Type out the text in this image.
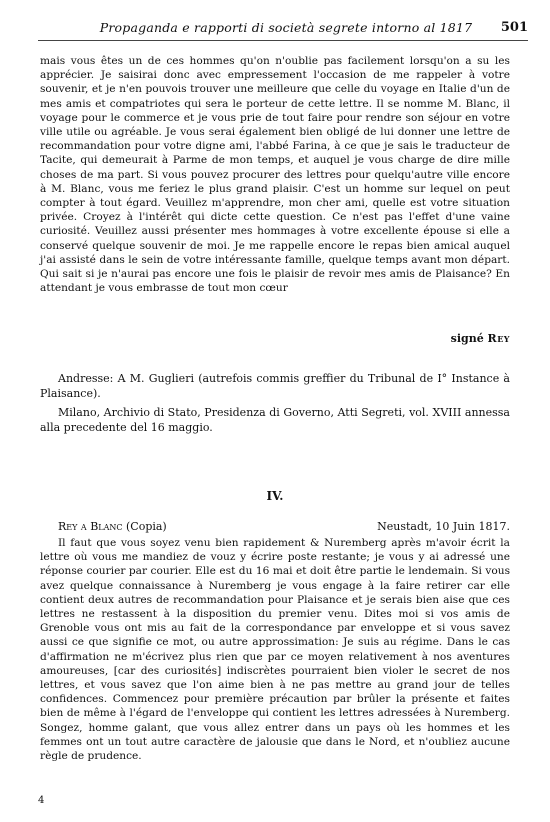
Propaganda e rapporti di società segrete intorno al 1817	501
mais vous êtes un de ces hommes qu'on n'oublie pas facilement lorsqu'on a su les apprécier. Je saisirai donc avec empressement l'occasion de me rappeler à votre souvenir, et je n'en pouvois trouver une meilleure que celle du voyage en Italie d'un de mes amis et compatriotes qui sera le porteur de cette lettre. Il se nomme M. Blanc, il voyage pour le commerce et je vous prie de tout faire pour rendre son séjour en votre ville utile ou agréable. Je vous serai également bien obligé de lui donner une lettre de recommandation pour votre digne ami, l'abbé Farina, à ce que je sais le traducteur de Tacite, qui demeurait à Parme de mon temps, et auquel je vous charge de dire mille choses de ma part. Si vous pouvez procurer des lettres pour quelqu'autre ville encore à M. Blanc, vous me feriez le plus grand plaisir. C'est un homme sur lequel on peut compter à tout égard. Veuillez m'apprendre, mon cher ami, quelle est votre situation privée. Croyez à l'intérêt qui dicte cette question. Ce n'est pas l'effet d'une vaine curiosité. Veuillez aussi présenter mes hommages à votre excellente épouse si elle a conservé quelque souvenir de moi. Je me rappelle encore le repas bien amical auquel j'ai assisté dans le sein de votre intéressante famille, quelque temps avant mon départ. Qui sait si je n'aurai pas encore une fois le plaisir de revoir mes amis de Plaisance? En attendant je vous embrasse de tout mon cœur
signé Rey

Andresse: A M. Guglieri (autrefois commis greffier du Tribunal de I° Instance à Plaisance).

Milano, Archivio di Stato, Presidenza di Governo, Atti Segreti, vol. XVIII annessa alla precedente del 16 maggio.

IV.
Rey a Blanc (Copia)	Neustadt, 10 Juin 1817.

Il faut que vous soyez venu bien rapidement & Nuremberg après m'avoir écrit la lettre où vous me mandiez de vouz y écrire poste restante; je vous y ai adressé une réponse courier par courier. Elle est du 16 mai et doit être partie le lendemain. Si vous avez quelque connaissance à Nuremberg je vous engage à la faire retirer car elle contient deux autres de recommandation pour Plaisance et je serais bien aise que ces lettres ne restassent à la disposition du premier venu. Dites moi si vos amis de Grenoble vous ont mis au fait de la correspondance par enveloppe et si vous savez aussi ce que signifie ce mot, ou autre approssimation: Je suis au régime. Dans le cas d'affirmation ne m'écrivez plus rien que par ce moyen relativement à nos aventures amoureuses, [car des curiosités] indiscrètes pourraient bien violer le secret de nos lettres, et vous savez que l'on aime bien à ne pas mettre au grand jour de telles confidences. Commencez pour première précaution par brûler la présente et faites bien de même à l'égard de l'enveloppe qui contient les lettres adressées à Nuremberg. Songez, homme galant, que vous allez entrer dans un pays où les hommes et les femmes ont un tout autre caractère de jalousie que dans le Nord, et n'oubliez aucune règle de prudence.

4
